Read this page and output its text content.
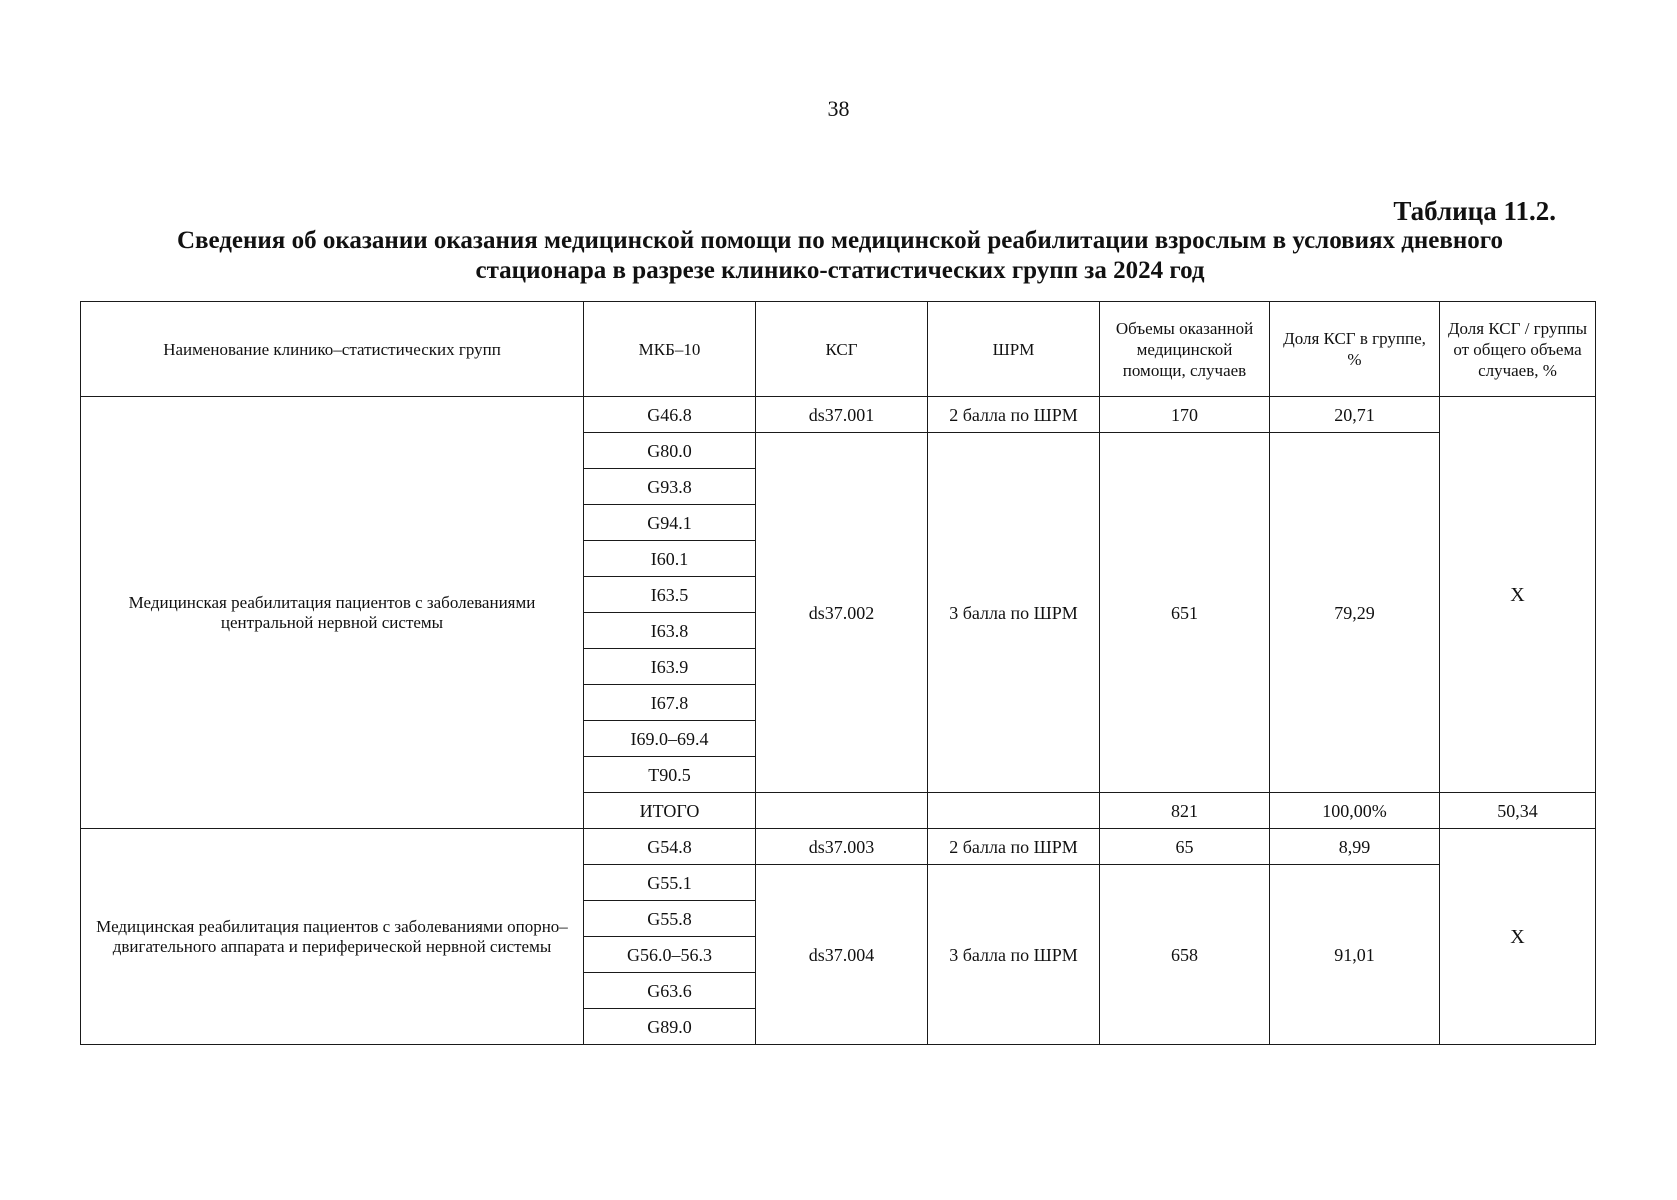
38
Таблица 11.2.
Сведения об оказании оказания медицинской помощи по медицинской реабилитации взрослым в условиях дневного
стационара в разрезе клинико-статистических групп за 2024 год
Наименование клинико–статистических групп	МКБ–10	КСГ	ШРМ	Объемы оказанной медицинской помощи, случаев	Доля КСГ в группе, %	Доля КСГ / группы от общего объема случаев, %
Медицинская реабилитация пациентов с заболеваниями центральной нервной системы	G46.8	ds37.001	2 балла по ШРМ	170	20,71	Х
	G80.0	ds37.002	3 балла по ШРМ	651	79,29	
	G93.8					
	G94.1					
	I60.1					
	I63.5					
	I63.8					
	I63.9					
	I67.8					
	I69.0–69.4					
	T90.5					
	ИТОГО			821	100,00%	50,34
Медицинская реабилитация пациентов с заболеваниями опорно–двигательного аппарата и периферической нервной системы	G54.8	ds37.003	2 балла по ШРМ	65	8,99	Х
	G55.1	ds37.004	3 балла по ШРМ	658	91,01	
	G55.8					
	G56.0–56.3					
	G63.6					
	G89.0					
